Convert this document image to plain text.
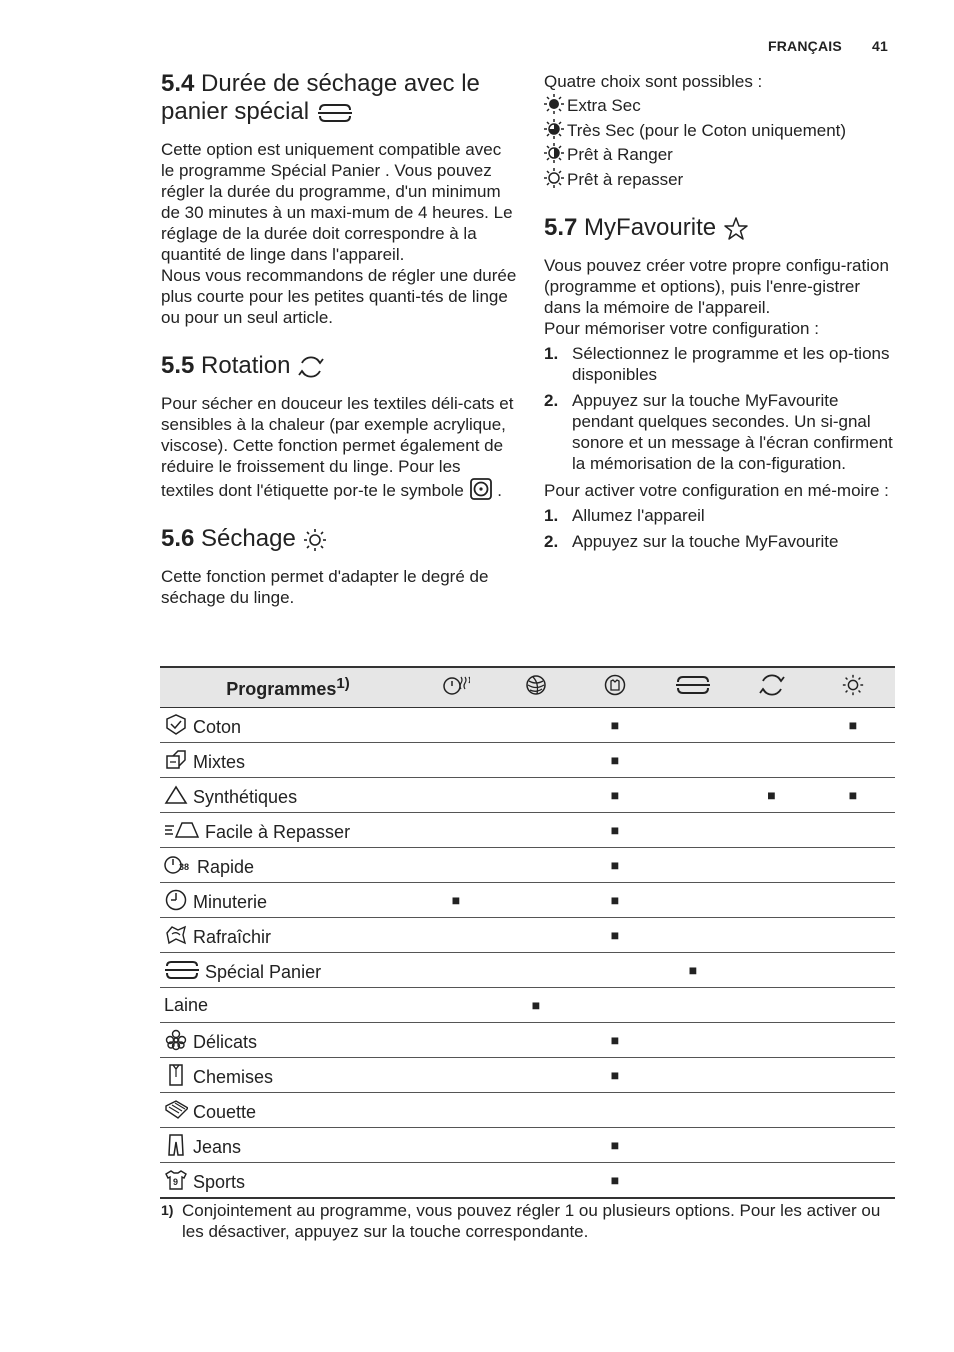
FRANÇAIS 41
5.4 Durée de séchage avec le
panier spécial

Cette option est uniquement compatible avec le programme Spécial Panier . Vous pouvez régler la durée du programme, d'un minimum de 30 minutes à un maxi-mum de 4 heures. Le réglage de la durée doit correspondre à la quantité de linge dans l'appareil.

Nous vous recommandons de régler une durée plus courte pour les petites quanti-tés de linge ou pour un seul article.

5.5 Rotation

Pour sécher en douceur les textiles déli-cats et sensibles à la chaleur (par exemple acrylique, viscose). Cette fonction permet également de réduire le froissement du linge. Pour les textiles dont l'étiquette por-te le symbole .

5.6 Séchage

Cette fonction permet d'adapter le degré de séchage du linge.

Quatre choix sont possibles :

Extra Sec
Très Sec (pour le Coton uniquement)
Prêt à Ranger
Prêt à repasser
5.7 MyFavourite

Vous pouvez créer votre propre configu-ration (programme et options), puis l'enre-gistrer dans la mémoire de l'appareil.

Pour mémoriser votre configuration :

1. Sélectionnez le programme et les op-tions disponibles
2. Appuyez sur la touche MyFavourite pendant quelques secondes. Un si-gnal sonore et un message à l'écran confirment la mémorisation de la con-figuration.

Pour activer votre configuration en mé-moire :

1. Allumez l'appareil
2. Appuyez sur la touche MyFavourite
Programmes$^{1)}$						
Coton			■			■
Mixtes			■			
Synthétiques			■		■	■
Facile à Repasser			■			

38 Rapide			■			
Minuterie	■		■			
Rafraîchir			■			
Spécial Panier				■		
Laine		■				
Délicats			■			
Chemises			■			
Couette						
Jeans			■			

9 Sports			■			
1) Conjointement au programme, vous pouvez régler 1 ou plusieurs options. Pour les activer ou les désactiver, appuyez sur la touche correspondante.
